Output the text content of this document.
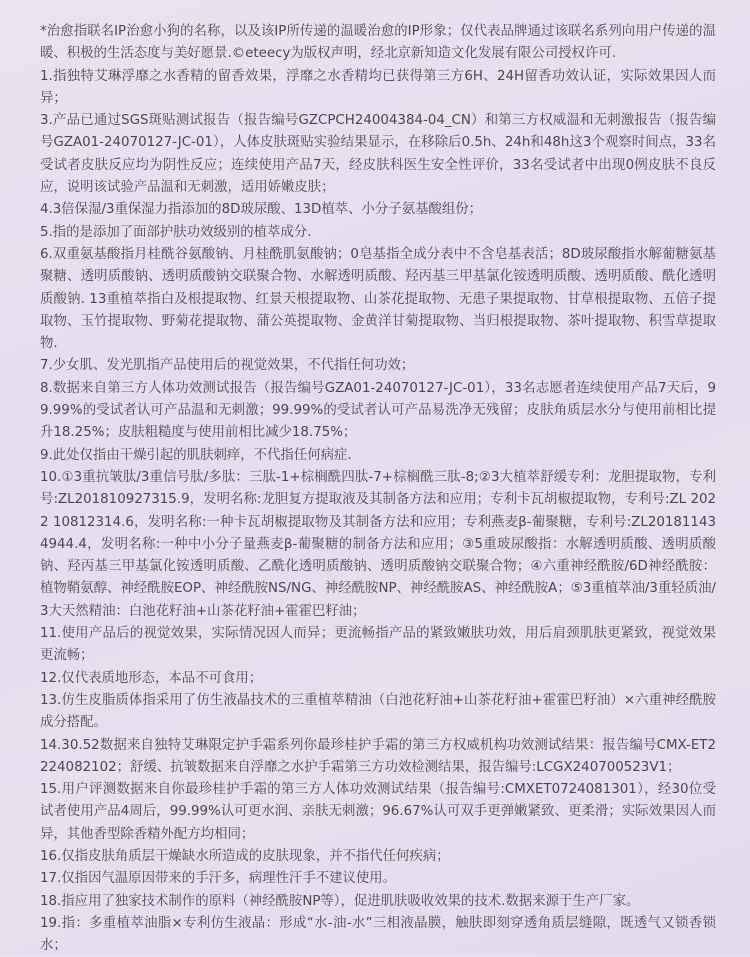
*治愈指联名IP治愈小狗的名称，以及该IP所传递的温暖治愈的IP形象；仅代表品牌通过该联名系列向用户传递的温暖、积极的生活态度与美好愿景.©eteecy为版权声明，经北京新知造文化发展有限公司授权许可.

1.指独特艾琳浮靡之水香精的留香效果，浮靡之水香精均已获得第三方6H、24H留香功效认证，实际效果因人而异；

3.产品已通过SGS斑贴测试报告（报告编号GZCPCH24004384-04_CN）和第三方权威温和无刺激报告（报告编号GZA01-24070127-JC-01），人体皮肤斑贴实验结果显示，在移除后0.5h、24h和48h这3个观察时间点，33名受试者皮肤反应均为阴性反应；连续使用产品7天，经皮肤科医生安全性评价，33名受试者中出现0例皮肤不良反应，说明该试验产品温和无刺激，适用娇嫩皮肤；

4.3倍保湿/3重保湿力指添加的8D玻尿酸、13D植萃、小分子氨基酸组份；

5.指的是添加了面部护肤功效级别的植萃成分.

6.双重氨基酸指月桂酰谷氨酸钠、月桂酰肌氨酸钠；0皂基指全成分表中不含皂基表活；8D玻尿酸指水解葡糖氨基聚糖、透明质酸钠、透明质酸钠交联聚合物、水解透明质酸、羟丙基三甲基氯化铵透明质酸、透明质酸、酰化透明质酸钠. 13重植萃指白及根提取物、红景天根提取物、山茶花提取物、无患子果提取物、甘草根提取物、五倍子提取物、玉竹提取物、野菊花提取物、蒲公英提取物、金黄洋甘菊提取物、当归根提取物、茶叶提取物、积雪草提取物.

7.少女肌、发光肌指产品使用后的视觉效果，不代指任何功效；

8.数据来自第三方人体功效测试报告（报告编号GZA01-24070127-JC-01），33名志愿者连续使用产品7天后，99.99%的受试者认可产品温和无刺激；99.99%的受试者认可产品易洗净无残留；皮肤角质层水分与使用前相比提升18.25%；皮肤粗糙度与使用前相比减少18.75%；

9.此处仅指由干燥引起的肌肤刺痒，不代指任何病症.

10.①3重抗皱肽/3重信号肽/多肽：三肽-1+棕榈酰四肽-7+棕榈酰三肽-8;②3大植萃舒缓专利：龙胆提取物，专利号:ZL201810927315.9，发明名称:龙胆复方提取液及其制备方法和应用；专利卡瓦胡椒提取物，专利号:ZL 2022 10812314.6，发明名称:一种卡瓦胡椒提取物及其制备方法和应用；专利燕麦β-葡聚糖，专利号:ZL201811434944.4，发明名称:一种中小分子量燕麦β-葡聚糖的制备方法和应用；③5重玻尿酸指：水解透明质酸、透明质酸钠、羟丙基三甲基氯化铵透明质酸、乙酰化透明质酸钠、透明质酸钠交联聚合物；④六重神经酰胺/6D神经酰胺：植物鞘氨醇、神经酰胺EOP、神经酰胺NS/NG、神经酰胺NP、神经酰胺AS、神经酰胺A；⑤3重植萃油/3重轻质油/3大天然精油：白池花籽油+山茶花籽油+霍霍巴籽油；

11.使用产品后的视觉效果，实际情况因人而异；更流畅指产品的紧致嫩肤功效，用后肩颈肌肤更紧致，视觉效果更流畅；

12.仅代表质地形态，本品不可食用；

13.仿生皮脂质体指采用了仿生液晶技术的三重植萃精油（白池花籽油+山茶花籽油+霍霍巴籽油）×六重神经酰胺成分搭配。

14.30.52数据来自独特艾琳限定护手霜系列你最珍桂护手霜的第三方权威机构功效测试结果：报告编号CMX-ET2224082102；舒缓、抗皱数据来自浮靡之水护手霜第三方功效检测结果，报告编号:LCGX240700523V1；

15.用户评测数据来自你最珍桂护手霜的第三方人体功效测试结果（报告编号:CMXET0724081301），经30位受试者使用产品4周后，99.99%认可更水润、亲肤无刺激；96.67%认可双手更弹嫩紧致、更柔滑；实际效果因人而异，其他香型除香精外配方均相同；

16.仅指皮肤角质层干燥缺水所造成的皮肤现象，并不指代任何疾病；

17.仅指因气温原因带来的手汗多，病理性汗手不建议使用。

18.指应用了独家技术制作的原料（神经酰胺NP等），促进肌肤吸收效果的技术.数据来源于生产厂家。

19.指：多重植萃油脂×专利仿生液晶：形成“水-油-水”三相液晶膜，触肤即刻穿透角质层缝隙，既透气又锁香锁水；
